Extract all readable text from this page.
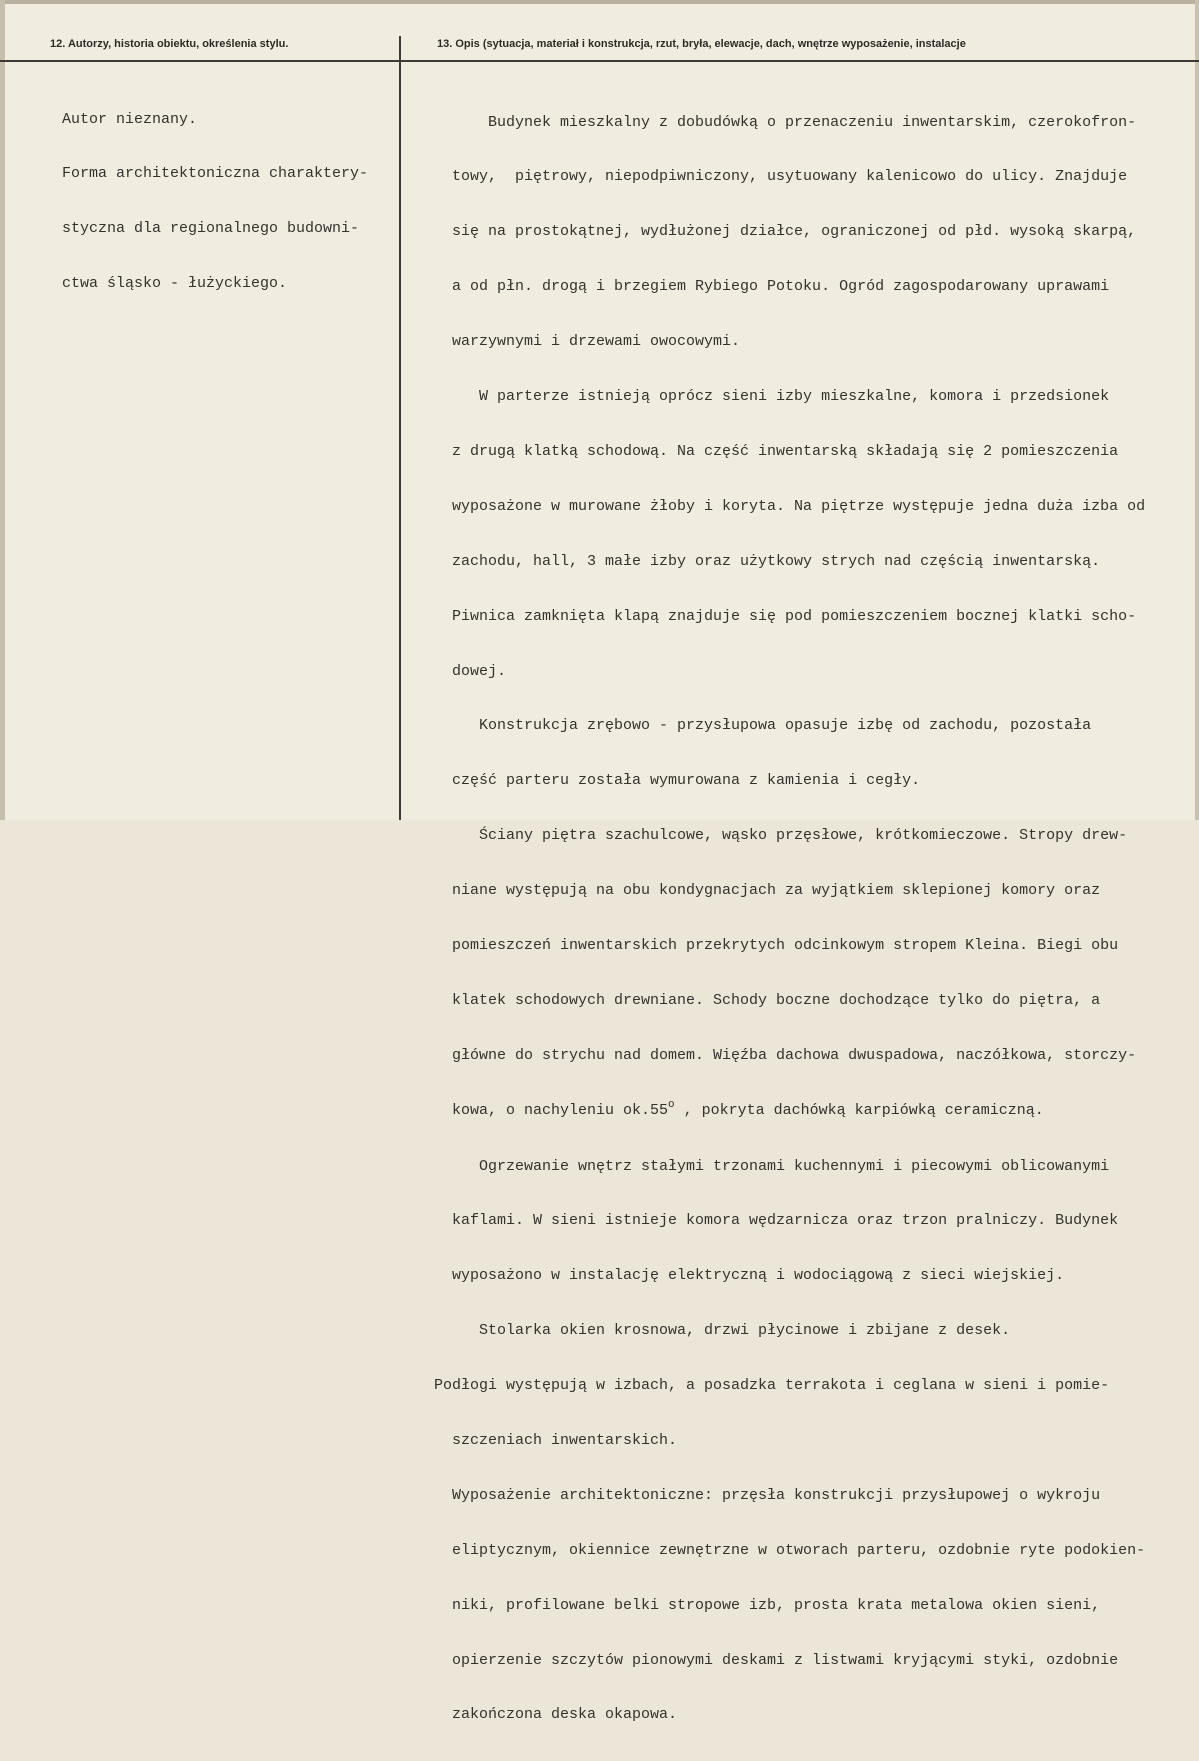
12. Autorzy, historia obiektu, określenia stylu.	13. Opis (sytuacja, materiał i konstrukcja, rzut, bryła, elewacje, dach, wnętrze wyposażenie, instalacje

Autor nieznany.

Forma architektoniczna charaktery-

styczna dla regionalnego budowni-

ctwa śląsko - łużyckiego.

Budynek mieszkalny z dobudówką o przenaczeniu inwentarskim, czerokofron-

towy,  piętrowy, niepodpiwniczony, usytuowany kalenicowo do ulicy. Znajduje

się na prostokątnej, wydłużonej działce, ograniczonej od płd. wysoką skarpą,

a od płn. drogą i brzegiem Rybiego Potoku. Ogród zagospodarowany uprawami

warzywnymi i drzewami owocowymi.

W parterze istnieją oprócz sieni izby mieszkalne, komora i przedsionek

z drugą klatką schodową. Na część inwentarską składają się 2 pomieszczenia

wyposażone w murowane żłoby i koryta. Na piętrze występuje jedna duża izba od

zachodu, hall, 3 małe izby oraz użytkowy strych nad częścią inwentarską.

Piwnica zamknięta klapą znajduje się pod pomieszczeniem bocznej klatki scho-

dowej.

Konstrukcja zrębowo - przysłupowa opasuje izbę od zachodu, pozostała

część parteru została wymurowana z kamienia i cegły.

Ściany piętra szachulcowe, wąsko przęsłowe, krótkomieczowe. Stropy drew-

niane występują na obu kondygnacjach za wyjątkiem sklepionej komory oraz

pomieszczeń inwentarskich przekrytych odcinkowym stropem Kleina. Biegi obu

klatek schodowych drewniane. Schody boczne dochodzące tylko do piętra, a

główne do strychu nad domem. Więźba dachowa dwuspadowa, naczółkowa, storczy-

kowa, o nachyleniu ok.55$^o$ , pokryta dachówką karpiówką ceramiczną.

Ogrzewanie wnętrz stałymi trzonami kuchennymi i piecowymi oblicowanymi

kaflami. W sieni istnieje komora wędzarnicza oraz trzon pralniczy. Budynek

wyposażono w instalację elektryczną i wodociągową z sieci wiejskiej.

Stolarka okien krosnowa, drzwi płycinowe i zbijane z desek.

Podłogi występują w izbach, a posadzka terrakota i ceglana w sieni i pomie-

szczeniach inwentarskich.

Wyposażenie architektoniczne: przęsła konstrukcji przysłupowej o wykroju

eliptycznym, okiennice zewnętrzne w otworach parteru, ozdobnie ryte podokien-

niki, profilowane belki stropowe izb, prosta krata metalowa okien sieni,

opierzenie szczytów pionowymi deskami z listwami kryjącymi styki, ozdobnie

zakończona deska okapowa.
